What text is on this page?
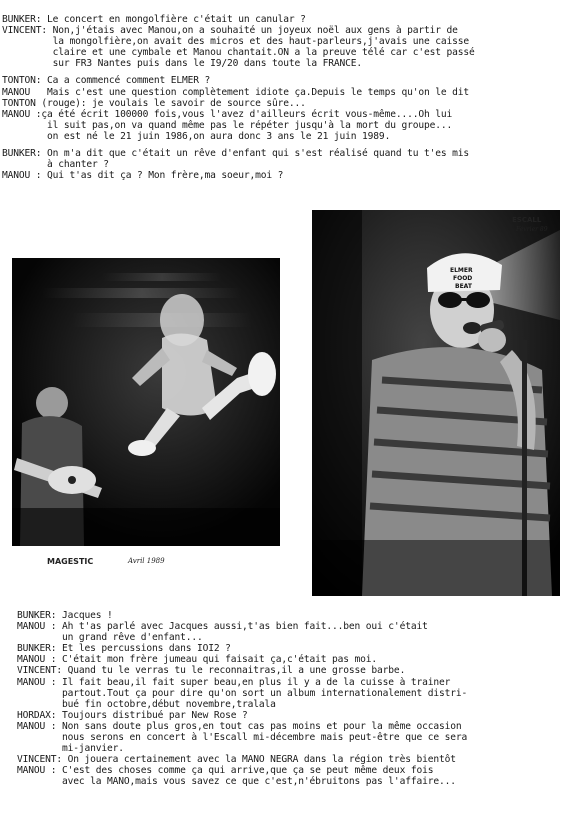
BUNKER: Le concert en mongolfière c'était un canular ?
VINCENT: Non,j'étais avec Manou,on a souhaité un joyeux noël aux gens à partir de
la mongolfière,on avait des micros et des haut-parleurs,j'avais une caisse
claire et une cymbale et Manou chantait.ON a la preuve télé car c'est passé
sur FR3 Nantes puis dans le I9/20 dans toute la FRANCE.

TONTON: Ca a commencé comment ELMER ?
MANOU   Mais c'est une question complètement idiote ça.Depuis le temps qu'on le dit
TONTON (rouge): je voulais le savoir de source sûre...
MANOU :ça été écrit 100000 fois,vous l'avez d'ailleurs écrit vous-même....Oh lui
il suit pas,on va quand même pas le répéter jusqu'à la mort du groupe...
on est né le 21 juin 1986,on aura donc 3 ans le 21 juin 1989.

BUNKER: On m'a dit que c'était un rêve d'enfant qui s'est réalisé quand tu t'es mis
à chanter ?
MANOU : Qui t'as dit ça ? Mon frère,ma soeur,moi ?
MAGESTIC	Avril 1989
ELMER
FOOD
BEAT
ESCALL
Février 89
BUNKER: Jacques !
MANOU : Ah t'as parlé avec Jacques aussi,t'as bien fait...ben oui c'était
un grand rêve d'enfant...
BUNKER: Et les percussions dans IOI2 ?
MANOU : C'était mon frère jumeau qui faisait ça,c'était pas moi.
VINCENT: Quand tu le verras tu le reconnaitras,il a une grosse barbe.
MANOU : Il fait beau,il fait super beau,en plus il y a de la cuisse à trainer
partout.Tout ça pour dire qu'on sort un album internationalement distri-
bué fin octobre,début novembre,tralala
HORDAX: Toujours distribué par New Rose ?
MANOU : Non sans doute plus gros,en tout cas pas moins et pour la même occasion
nous serons en concert à l'Escall mi-décembre mais peut-être que ce sera
mi-janvier.
VINCENT: On jouera certainement avec la MANO NEGRA dans la région très bientôt
MANOU : C'est des choses comme ça qui arrive,que ça se peut même deux fois
avec la MANO,mais vous savez ce que c'est,n'ébruitons pas l'affaire...
